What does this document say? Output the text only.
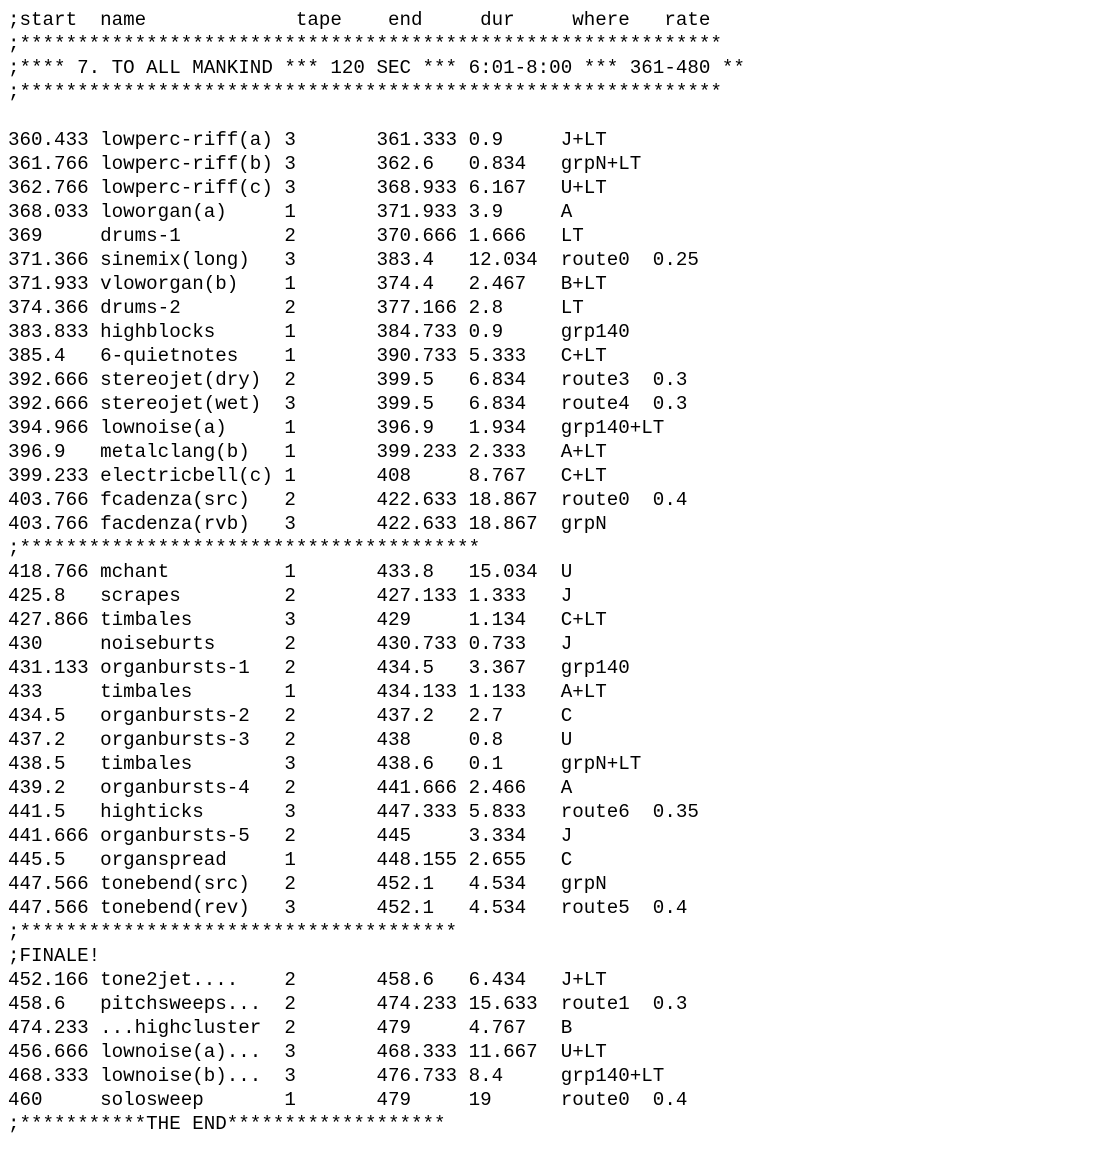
;start  name             tape    end     dur     where   rate
;*************************************************************
;**** 7. TO ALL MANKIND *** 120 SEC *** 6:01-8:00 *** 361-480 **
;*************************************************************
360.433 lowperc-riff(a) 3       361.333 0.9     J+LT
361.766 lowperc-riff(b) 3       362.6   0.834   grpN+LT
362.766 lowperc-riff(c) 3       368.933 6.167   U+LT
368.033 loworgan(a)     1       371.933 3.9     A
369     drums-1         2       370.666 1.666   LT
371.366 sinemix(long)   3       383.4   12.034  route0  0.25
371.933 vloworgan(b)    1       374.4   2.467   B+LT
374.366 drums-2         2       377.166 2.8     LT
383.833 highblocks      1       384.733 0.9     grp140
385.4   6-quietnotes    1       390.733 5.333   C+LT
392.666 stereojet(dry)  2       399.5   6.834   route3  0.3
392.666 stereojet(wet)  3       399.5   6.834   route4  0.3
394.966 lownoise(a)     1       396.9   1.934   grp140+LT
396.9   metalclang(b)   1       399.233 2.333   A+LT
399.233 electricbell(c) 1       408     8.767   C+LT
403.766 fcadenza(src)   2       422.633 18.867  route0  0.4
403.766 facdenza(rvb)   3       422.633 18.867  grpN
;****************************************
418.766 mchant          1       433.8   15.034  U
425.8   scrapes         2       427.133 1.333   J
427.866 timbales        3       429     1.134   C+LT
430     noiseburts      2       430.733 0.733   J
431.133 organbursts-1   2       434.5   3.367   grp140
433     timbales        1       434.133 1.133   A+LT
434.5   organbursts-2   2       437.2   2.7     C
437.2   organbursts-3   2       438     0.8     U
438.5   timbales        3       438.6   0.1     grpN+LT
439.2   organbursts-4   2       441.666 2.466   A
441.5   highticks       3       447.333 5.833   route6  0.35
441.666 organbursts-5   2       445     3.334   J
445.5   organspread     1       448.155 2.655   C
447.566 tonebend(src)   2       452.1   4.534   grpN
447.566 tonebend(rev)   3       452.1   4.534   route5  0.4
;**************************************
;FINALE!
452.166 tone2jet....    2       458.6   6.434   J+LT
458.6   pitchsweeps...  2       474.233 15.633  route1  0.3
474.233 ...highcluster  2       479     4.767   B
456.666 lownoise(a)...  3       468.333 11.667  U+LT
468.333 lownoise(b)...  3       476.733 8.4     grp140+LT
460     solosweep       1       479     19      route0  0.4
;***********THE END*******************
